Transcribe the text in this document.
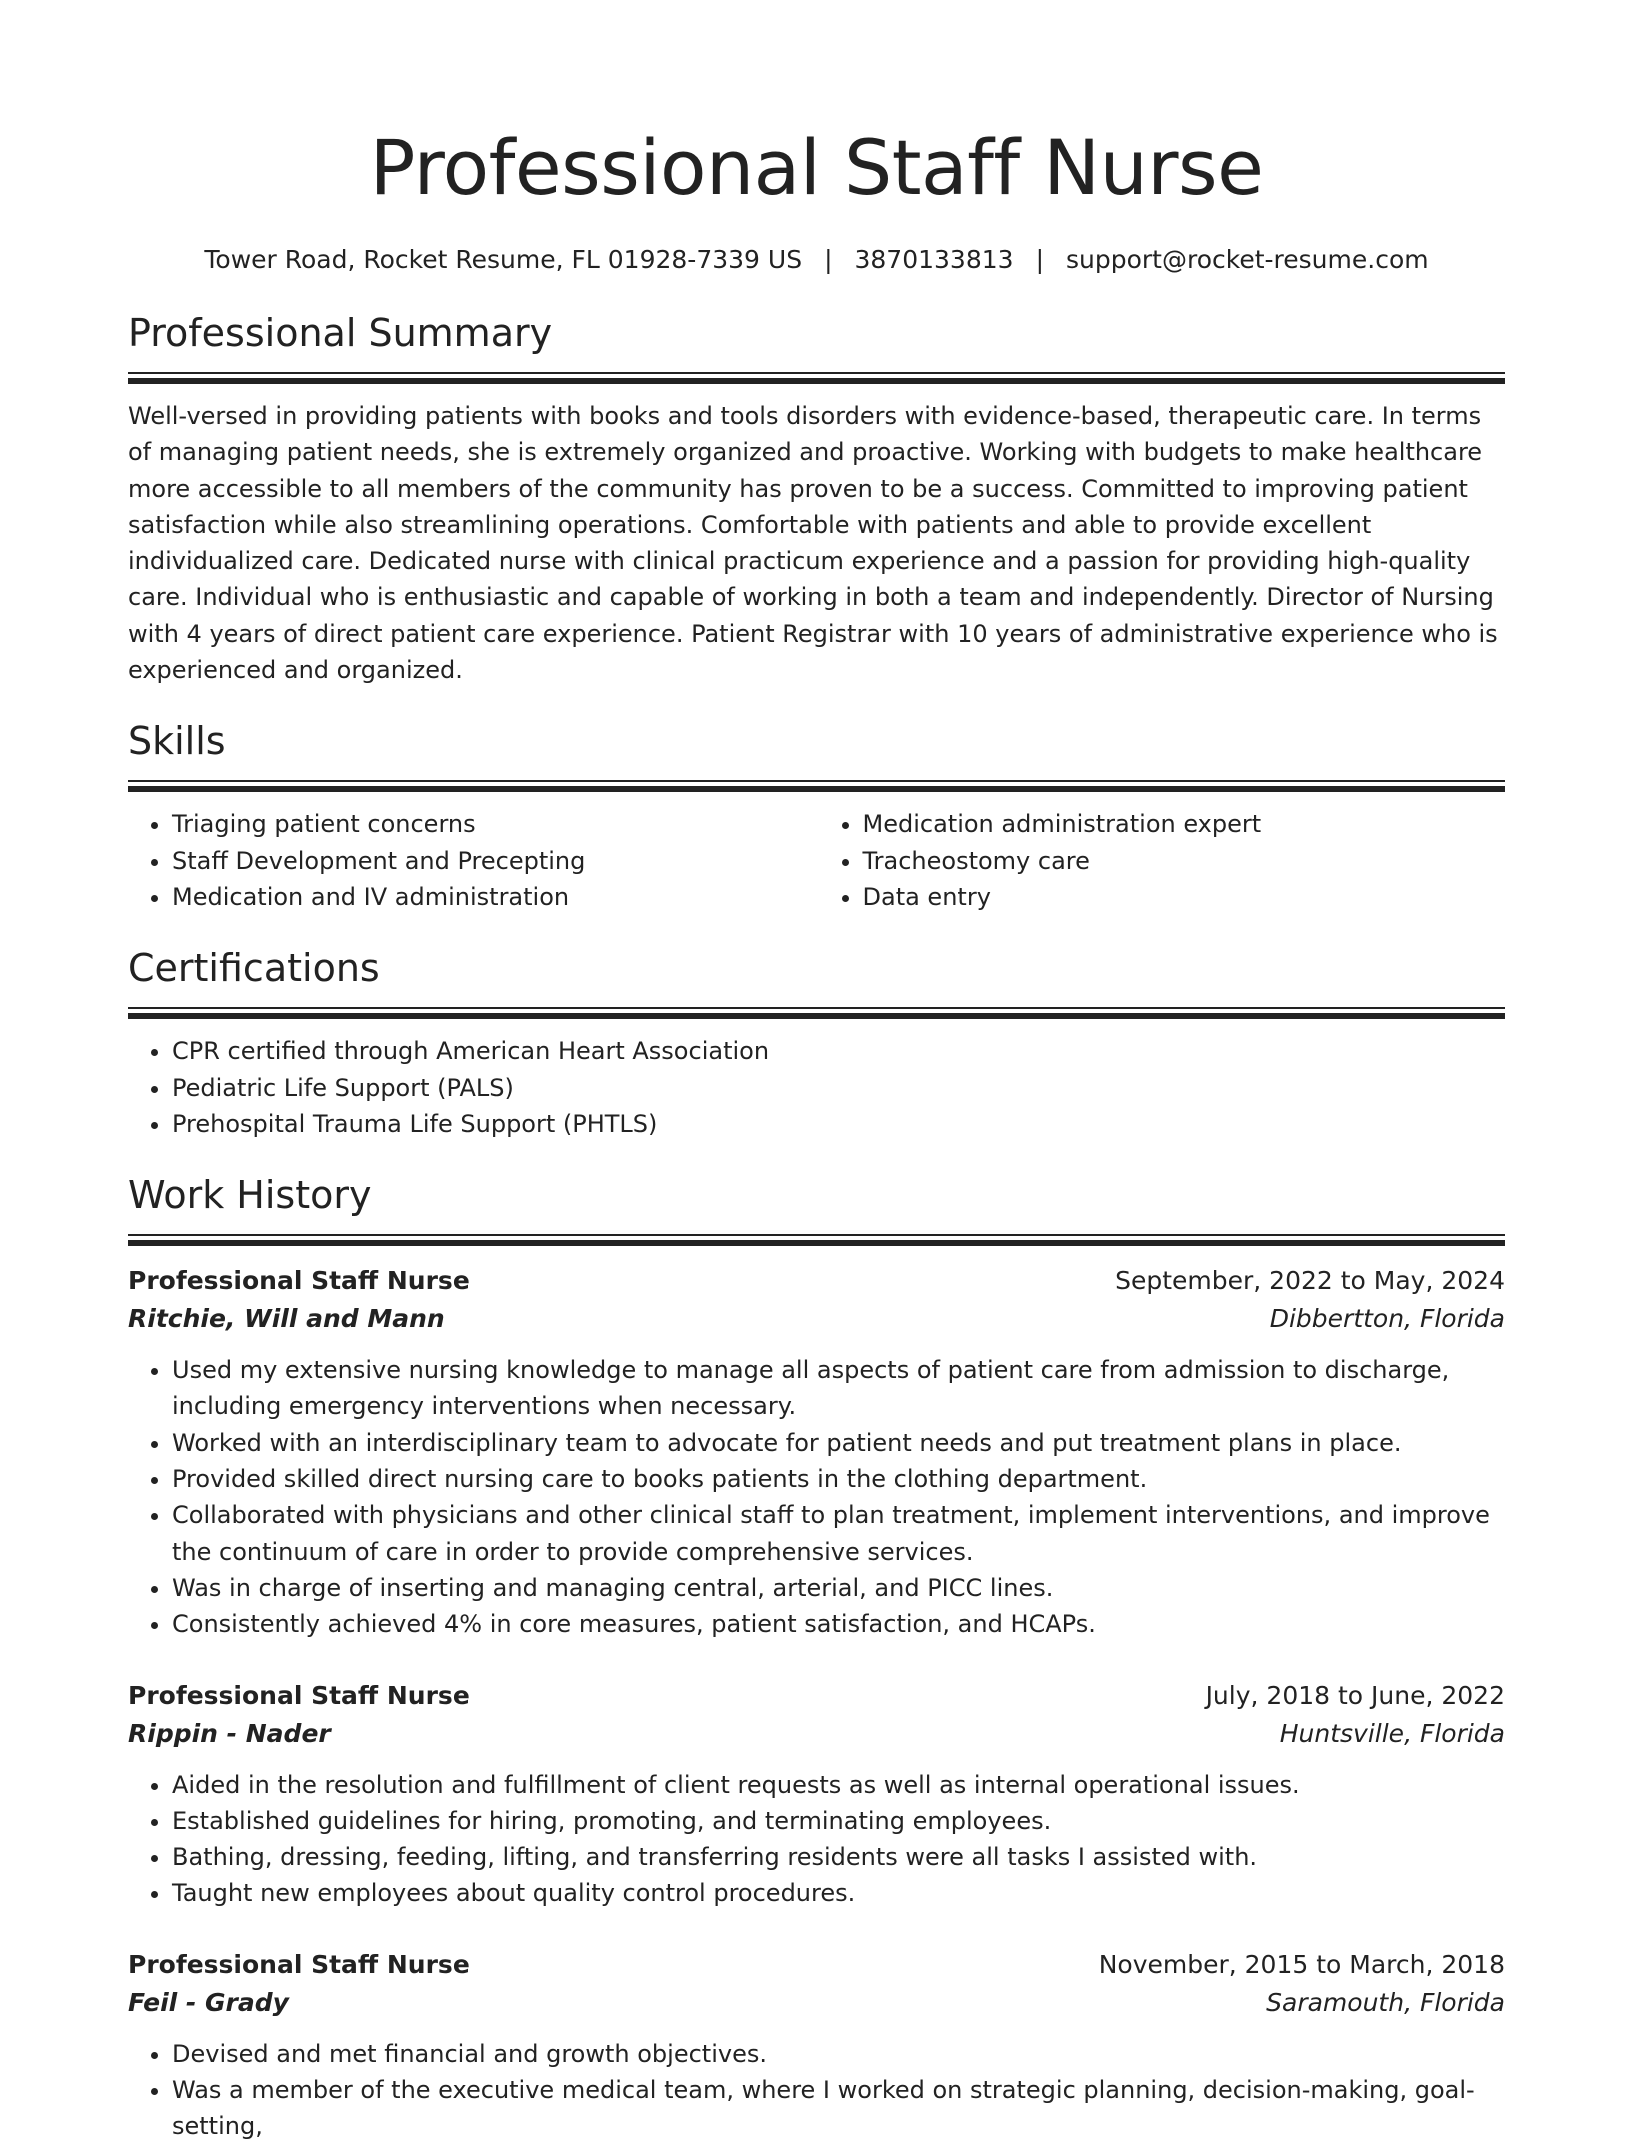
Professional Staff Nurse
Tower Road, Rocket Resume, FL 01928-7339 US | 3870133813 | support@rocket-resume.com
Professional Summary
Well-versed in providing patients with books and tools disorders with evidence-based, therapeutic care. In terms of managing patient needs, she is extremely organized and proactive. Working with budgets to make healthcare more accessible to all members of the community has proven to be a success. Committed to improving patient satisfaction while also streamlining operations. Comfortable with patients and able to provide excellent individualized care. Dedicated nurse with clinical practicum experience and a passion for providing high-quality care. Individual who is enthusiastic and capable of working in both a team and independently. Director of Nursing with 4 years of direct patient care experience. Patient Registrar with 10 years of administrative experience who is experienced and organized.
Skills
• Triaging patient concerns
• Staff Development and Precepting
• Medication and IV administration
• Medication administration expert
• Tracheostomy care
• Data entry
Certifications
• CPR certified through American Heart Association
• Pediatric Life Support (PALS)
• Prehospital Trauma Life Support (PHTLS)
Work History
Professional Staff Nurse	September, 2022 to May, 2024
Ritchie, Will and Mann	Dibbertton, Florida
• Used my extensive nursing knowledge to manage all aspects of patient care from admission to discharge, including emergency interventions when necessary.
• Worked with an interdisciplinary team to advocate for patient needs and put treatment plans in place.
• Provided skilled direct nursing care to books patients in the clothing department.
• Collaborated with physicians and other clinical staff to plan treatment, implement interventions, and improve the continuum of care in order to provide comprehensive services.
• Was in charge of inserting and managing central, arterial, and PICC lines.
• Consistently achieved 4% in core measures, patient satisfaction, and HCAPs.
Professional Staff Nurse	July, 2018 to June, 2022
Rippin - Nader	Huntsville, Florida
• Aided in the resolution and fulfillment of client requests as well as internal operational issues.
• Established guidelines for hiring, promoting, and terminating employees.
• Bathing, dressing, feeding, lifting, and transferring residents were all tasks I assisted with.
• Taught new employees about quality control procedures.
Professional Staff Nurse	November, 2015 to March, 2018
Feil - Grady	Saramouth, Florida
• Devised and met financial and growth objectives.
• Was a member of the executive medical team, where I worked on strategic planning, decision-making, goal-setting,
